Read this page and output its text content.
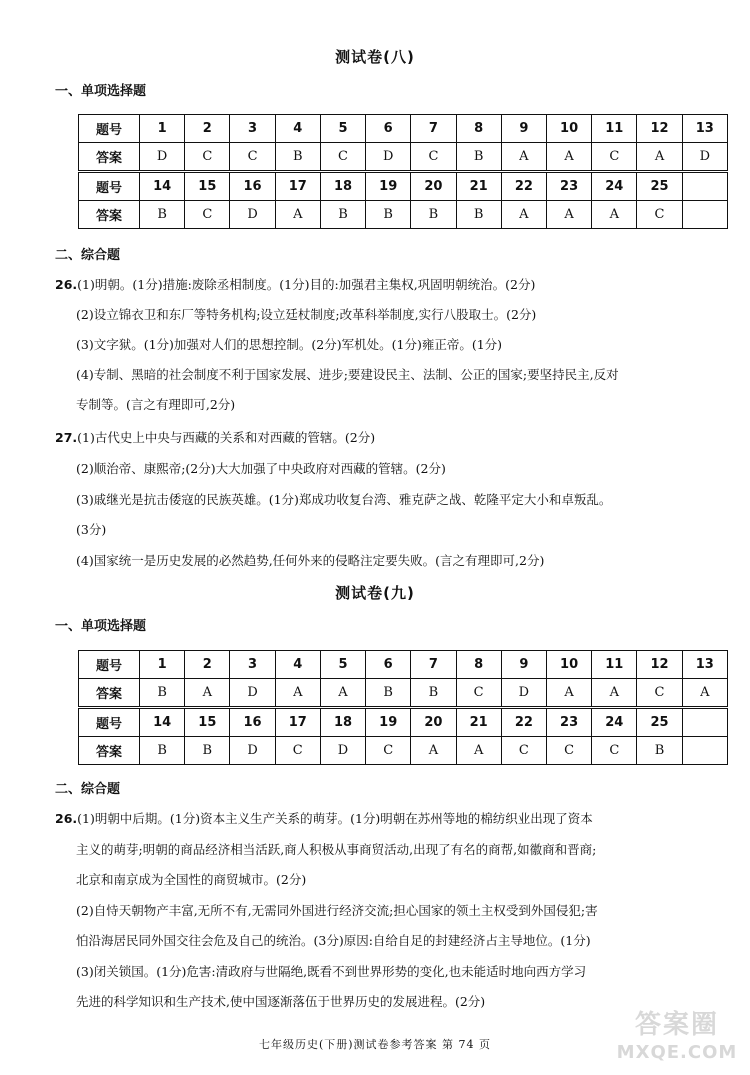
测试卷(八)
一、单项选择题
题号	1	2	3	4	5	6	7	8	9	10	11	12	13
答案	D	C	C	B	C	D	C	B	A	A	C	A	D
题号	14	15	16	17	18	19	20	21	22	23	24	25	
答案	B	C	D	A	B	B	B	B	A	A	A	C	
二、综合题
26.(1)明朝。(1分)措施:废除丞相制度。(1分)目的:加强君主集权,巩固明朝统治。(2分)
(2)设立锦衣卫和东厂等特务机构;设立廷杖制度;改革科举制度,实行八股取士。(2分)
(3)文字狱。(1分)加强对人们的思想控制。(2分)军机处。(1分)雍正帝。(1分)
(4)专制、黑暗的社会制度不利于国家发展、进步;要建设民主、法制、公正的国家;要坚持民主,反对
专制等。(言之有理即可,2分)
27.(1)古代史上中央与西藏的关系和对西藏的管辖。(2分)
(2)顺治帝、康熙帝;(2分)大大加强了中央政府对西藏的管辖。(2分)
(3)戚继光是抗击倭寇的民族英雄。(1分)郑成功收复台湾、雅克萨之战、乾隆平定大小和卓叛乱。
(3分)
(4)国家统一是历史发展的必然趋势,任何外来的侵略注定要失败。(言之有理即可,2分)
测试卷(九)
一、单项选择题
题号	1	2	3	4	5	6	7	8	9	10	11	12	13
答案	B	A	D	A	A	B	B	C	D	A	A	C	A
题号	14	15	16	17	18	19	20	21	22	23	24	25	
答案	B	B	D	C	D	C	A	A	C	C	C	B	
二、综合题
26.(1)明朝中后期。(1分)资本主义生产关系的萌芽。(1分)明朝在苏州等地的棉纺织业出现了资本
主义的萌芽;明朝的商品经济相当活跃,商人积极从事商贸活动,出现了有名的商帮,如徽商和晋商;
北京和南京成为全国性的商贸城市。(2分)
(2)自恃天朝物产丰富,无所不有,无需同外国进行经济交流;担心国家的领土主权受到外国侵犯;害
怕沿海居民同外国交往会危及自己的统治。(3分)原因:自给自足的封建经济占主导地位。(1分)
(3)闭关锁国。(1分)危害:清政府与世隔绝,既看不到世界形势的变化,也未能适时地向西方学习
先进的科学知识和生产技术,使中国逐渐落伍于世界历史的发展进程。(2分)
七年级历史(下册)测试卷参考答案 第 74 页
答案圈
MXQE.COM
